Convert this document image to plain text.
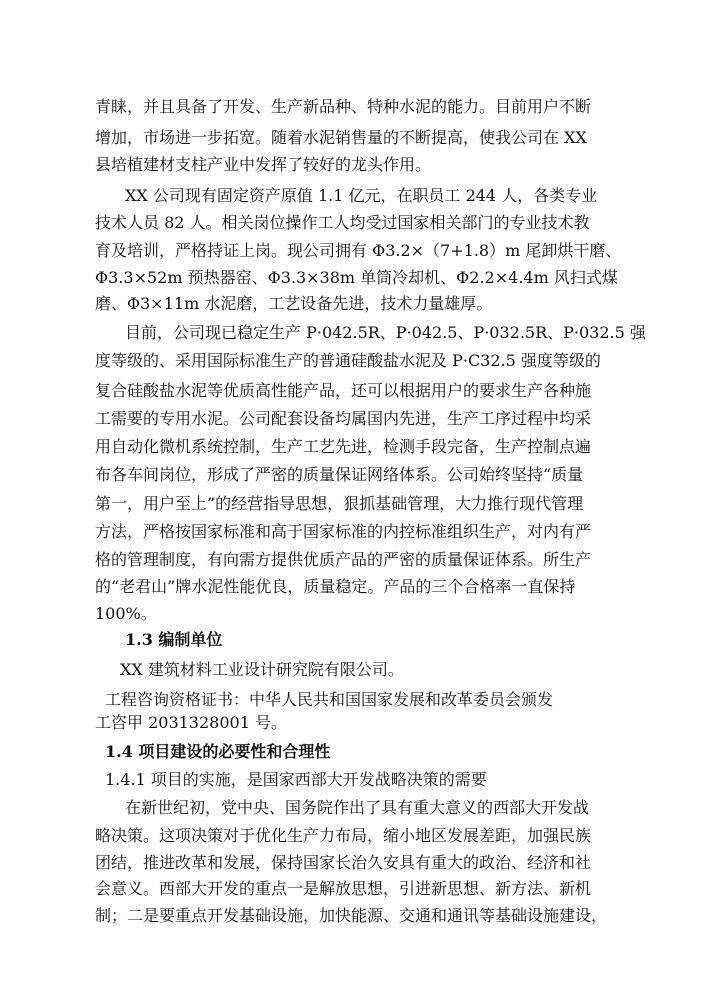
青睐，并且具备了开发、生产新品种、特种水泥的能力。目前用户不断
增加，市场进一步拓宽。随着水泥销售量的不断提高，使我公司在 XX
县培植建材支柱产业中发挥了较好的龙头作用。
XX 公司现有固定资产原值 1.1 亿元，在职员工 244 人，各类专业
技术人员 82 人。相关岗位操作工人均受过国家相关部门的专业技术教
育及培训，严格持证上岗。现公司拥有 Φ3.2×（7+1.8）m 尾卸烘干磨、
Φ3.3×52m 预热器窑、Φ3.3×38m 单筒冷却机、Φ2.2×4.4m 风扫式煤
磨、Φ3×11m 水泥磨，工艺设备先进，技术力量雄厚。
目前，公司现已稳定生产 P·042.5R、P·042.5、P·032.5R、P·032.5 强
度等级的、采用国际标准生产的普通硅酸盐水泥及 P·C32.5 强度等级的
复合硅酸盐水泥等优质高性能产品，还可以根据用户的要求生产各种施
工需要的专用水泥。公司配套设备均属国内先进，生产工序过程中均采
用自动化微机系统控制，生产工艺先进，检测手段完备，生产控制点遍
布各车间岗位，形成了严密的质量保证网络体系。公司始终坚持“质量
第一，用户至上”的经营指导思想，狠抓基础管理，大力推行现代管理
方法，严格按国家标准和高于国家标准的内控标准组织生产，对内有严
格的管理制度，有向需方提供优质产品的严密的质量保证体系。所生产
的“老君山”牌水泥性能优良，质量稳定。产品的三个合格率一直保持
100%。
1.3 编制单位
XX 建筑材料工业设计研究院有限公司。
工程咨询资格证书：中华人民共和国国家发展和改革委员会颁发
工咨甲 2031328001 号。
1.4 项目建设的必要性和合理性
1.4.1 项目的实施，是国家西部大开发战略决策的需要
在新世纪初，党中央、国务院作出了具有重大意义的西部大开发战
略决策。这项决策对于优化生产力布局，缩小地区发展差距，加强民族
团结，推进改革和发展，保持国家长治久安具有重大的政治、经济和社
会意义。西部大开发的重点一是解放思想，引进新思想、新方法、新机
制；二是要重点开发基础设施，加快能源、交通和通讯等基础设施建设，
